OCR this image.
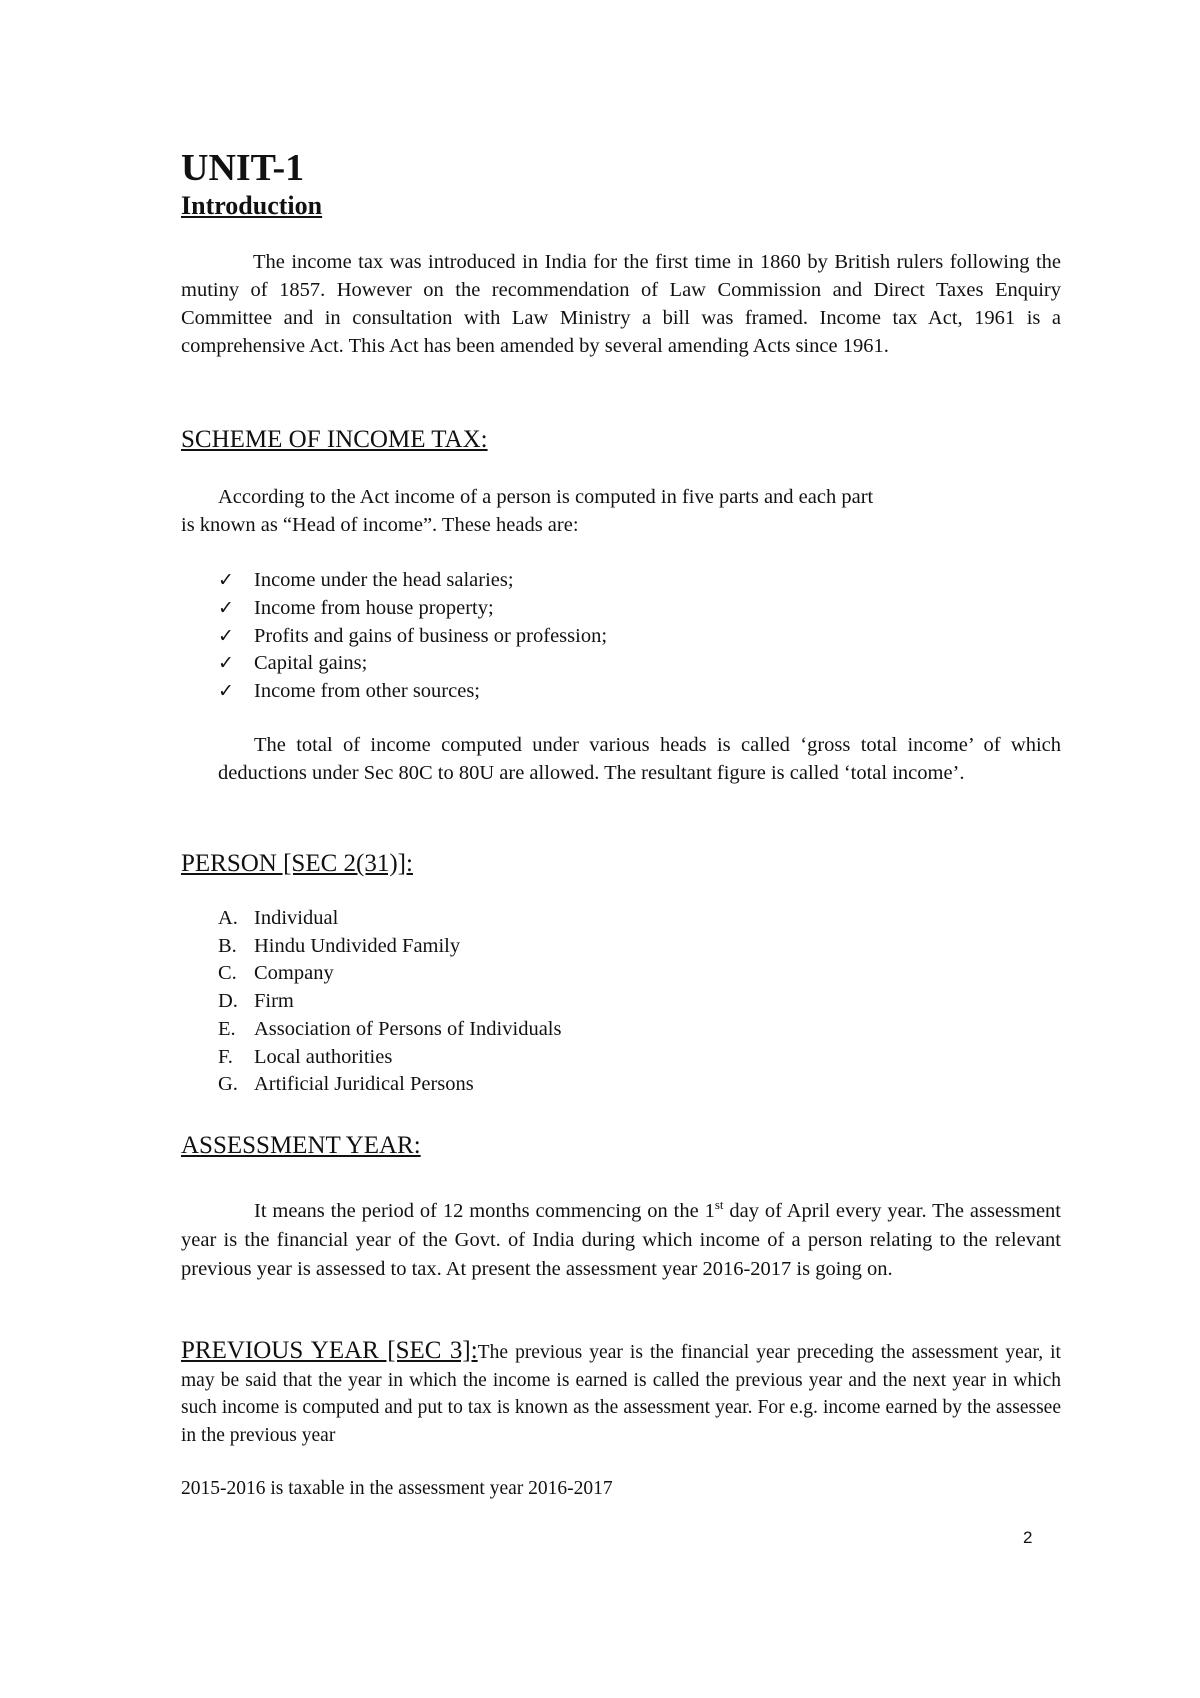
UNIT-1
Introduction

The income tax was introduced in India for the first time in 1860 by British rulers following the mutiny of 1857. However on the recommendation of Law Commission and Direct Taxes Enquiry Committee and in consultation with Law Ministry a bill was framed. Income tax Act, 1961 is a comprehensive Act. This Act has been amended by several amending Acts since 1961.

SCHEME OF INCOME TAX:

According to the Act income of a person is computed in five parts and each part

is known as “Head of income”. These heads are:

✓ Income under the head salaries;
✓ Income from house property;
✓ Profits and gains of business or profession;
✓ Capital gains;
✓ Income from other sources;

The total of income computed under various heads is called ‘gross total income’ of which deductions under Sec 80C to 80U are allowed. The resultant figure is called ‘total income’.

PERSON [SEC 2(31)]:
A. Individual
B. Hindu Undivided Family
C. Company
D. Firm
E. Association of Persons of Individuals
F. Local authorities
G. Artificial Juridical Persons
ASSESSMENT YEAR:

It means the period of 12 months commencing on the 1st day of April every year. The assessment year is the financial year of the Govt. of India during which income of a person relating to the relevant previous year is assessed to tax. At present the assessment year 2016-2017 is going on.

PREVIOUS YEAR [SEC 3]:The previous year is the financial year preceding the assessment year, it may be said that the year in which the income is earned is called the previous year and the next year in which such income is computed and put to tax is known as the assessment year. For e.g. income earned by the assessee in the previous year

2015-2016 is taxable in the assessment year 2016-2017

2
